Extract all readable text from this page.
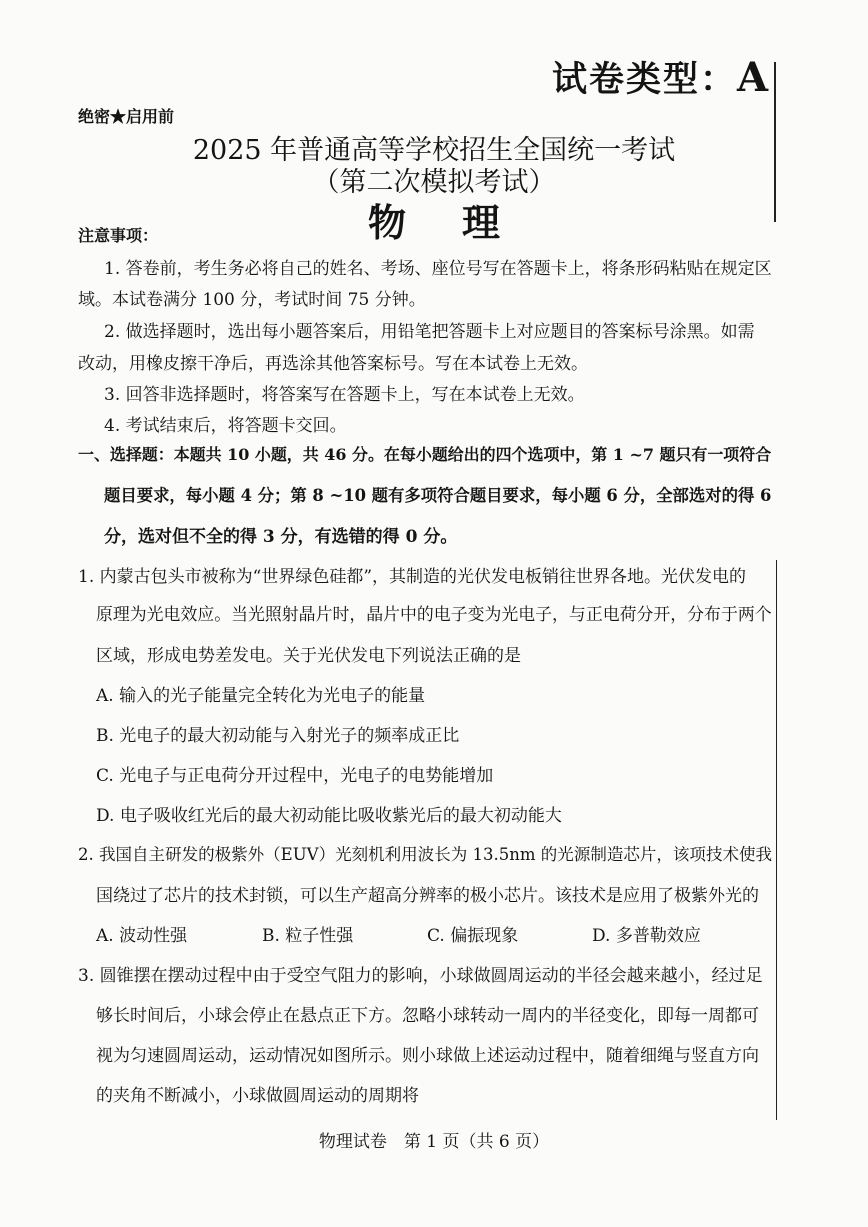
试卷类型：A
绝密★启用前
2025 年普通高等学校招生全国统一考试
（第二次模拟考试）
物理
注意事项：
1. 答卷前，考生务必将自己的姓名、考场、座位号写在答题卡上，将条形码粘贴在规定区
域。本试卷满分 100 分，考试时间 75 分钟。
2. 做选择题时，选出每小题答案后，用铅笔把答题卡上对应题目的答案标号涂黑。如需
改动，用橡皮擦干净后，再选涂其他答案标号。写在本试卷上无效。
3. 回答非选择题时，将答案写在答题卡上，写在本试卷上无效。
4. 考试结束后，将答题卡交回。
一、选择题：本题共 10 小题，共 46 分。在每小题给出的四个选项中，第 1 ~7 题只有一项符合
题目要求，每小题 4 分；第 8 ~10 题有多项符合题目要求，每小题 6 分，全部选对的得 6
分，选对但不全的得 3 分，有选错的得 0 分。
1. 内蒙古包头市被称为“世界绿色硅都”，其制造的光伏发电板销往世界各地。光伏发电的
原理为光电效应。当光照射晶片时，晶片中的电子变为光电子，与正电荷分开，分布于两个
区域，形成电势差发电。关于光伏发电下列说法正确的是
A. 输入的光子能量完全转化为光电子的能量
B. 光电子的最大初动能与入射光子的频率成正比
C. 光电子与正电荷分开过程中，光电子的电势能增加
D. 电子吸收红光后的最大初动能比吸收紫光后的最大初动能大
2. 我国自主研发的极紫外（EUV）光刻机利用波长为 13.5nm 的光源制造芯片，该项技术使我
国绕过了芯片的技术封锁，可以生产超高分辨率的极小芯片。该技术是应用了极紫外光的
A. 波动性强	B. 粒子性强	C. 偏振现象	D. 多普勒效应
3. 圆锥摆在摆动过程中由于受空气阻力的影响，小球做圆周运动的半径会越来越小，经过足
够长时间后，小球会停止在悬点正下方。忽略小球转动一周内的半径变化，即每一周都可
视为匀速圆周运动，运动情况如图所示。则小球做上述运动过程中，随着细绳与竖直方向
的夹角不断减小，小球做圆周运动的周期将
物理试卷　第 1 页（共 6 页）
